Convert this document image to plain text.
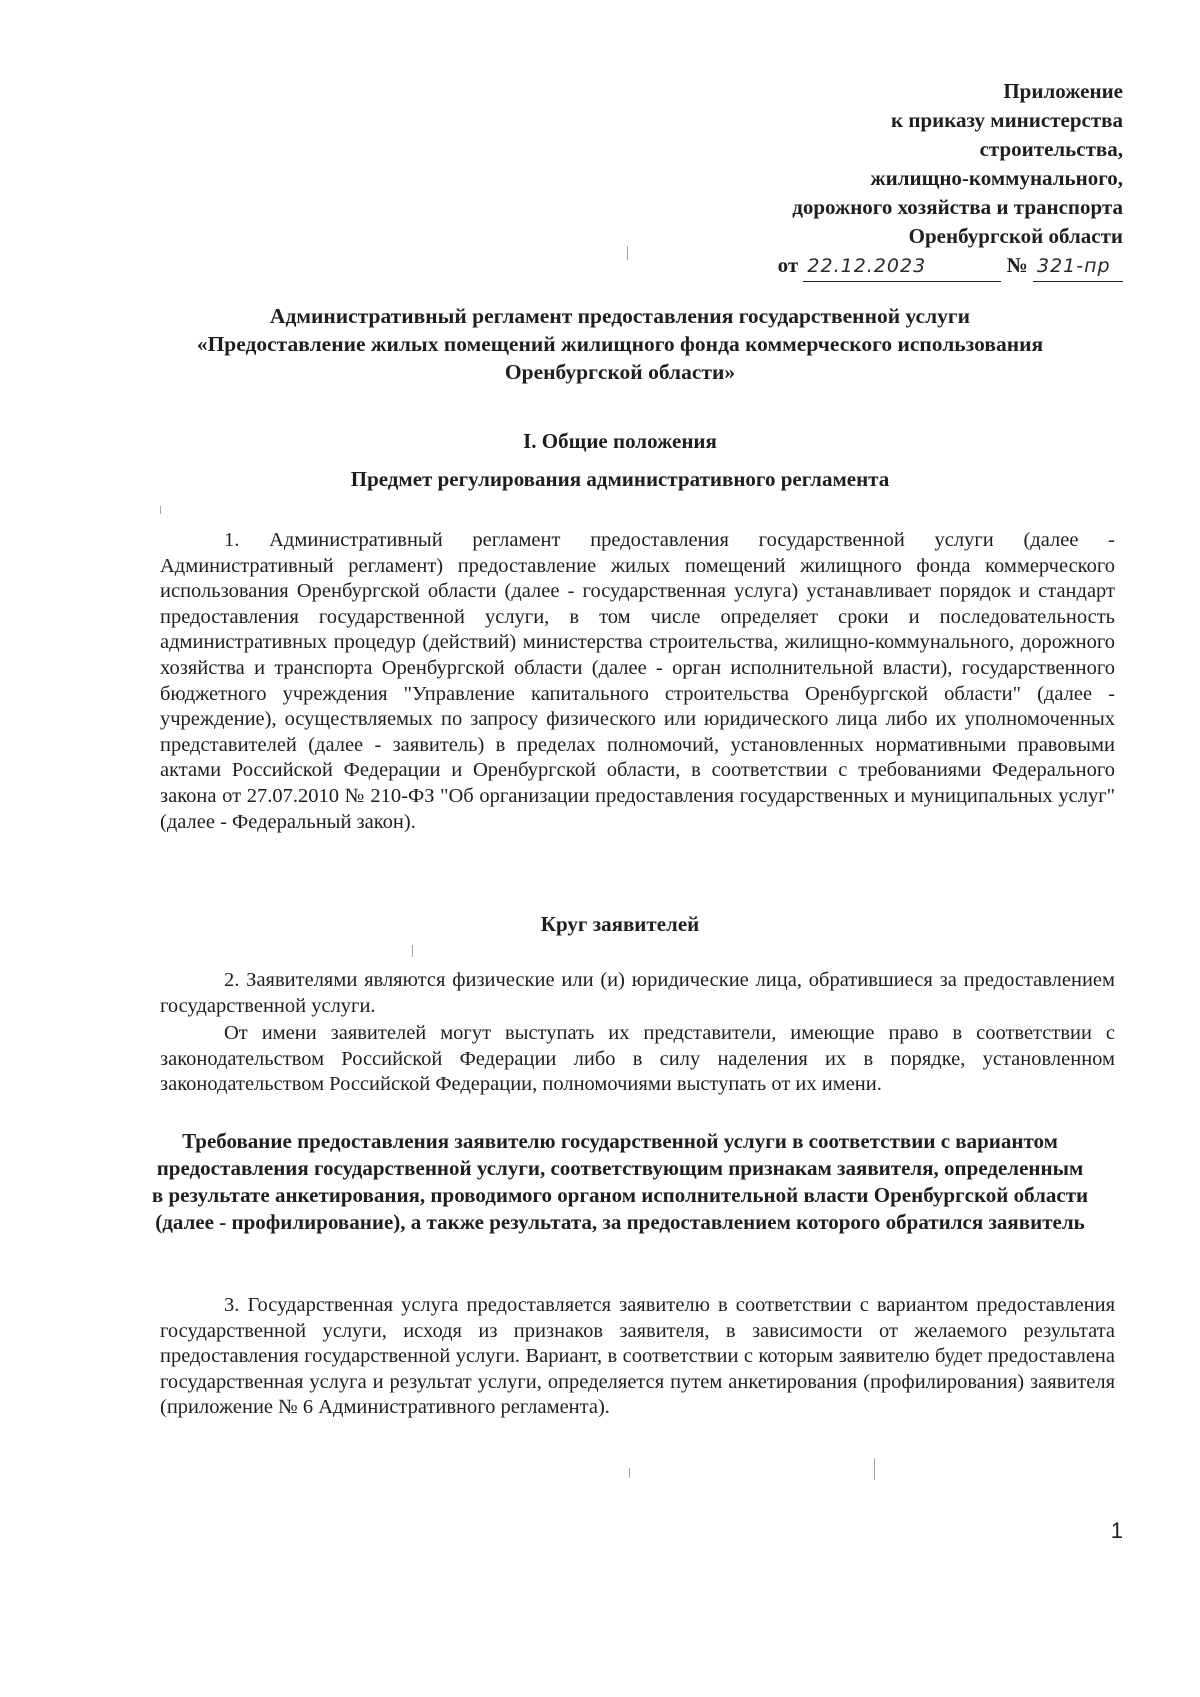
Приложение
к приказу министерства
строительства,
жилищно-коммунального,
дорожного хозяйства и транспорта
Оренбургской области
от 22.12.2023	№ 321-пр
Административный регламент предоставления государственной услуги
«Предоставление жилых помещений жилищного фонда коммерческого использования
Оренбургской области»
I. Общие положения
Предмет регулирования административного регламента
1. Административный регламент предоставления государственной услуги (далее - Административный регламент) предоставление жилых помещений жилищного фонда коммерческого использования Оренбургской области (далее - государственная услуга) устанавливает порядок и стандарт предоставления государственной услуги, в том числе определяет сроки и последовательность административных процедур (действий) министерства строительства, жилищно-коммунального, дорожного хозяйства и транспорта Оренбургской области (далее - орган исполнительной власти), государственного бюджетного учреждения "Управление капитального строительства Оренбургской области" (далее - учреждение), осуществляемых по запросу физического или юридического лица либо их уполномоченных представителей (далее - заявитель) в пределах полномочий, установленных нормативными правовыми актами Российской Федерации и Оренбургской области, в соответствии с требованиями Федерального закона от 27.07.2010 № 210-ФЗ "Об организации предоставления государственных и муниципальных услуг" (далее - Федеральный закон).
Круг заявителей
2. Заявителями являются физические или (и) юридические лица, обратившиеся за предоставлением государственной услуги.
От имени заявителей могут выступать их представители, имеющие право в соответствии с законодательством Российской Федерации либо в силу наделения их в порядке, установленном законодательством Российской Федерации, полномочиями выступать от их имени.
Требование предоставления заявителю государственной услуги в соответствии с вариантом предоставления государственной услуги, соответствующим признакам заявителя, определенным в результате анкетирования, проводимого органом исполнительной власти Оренбургской области (далее - профилирование), а также результата, за предоставлением которого обратился заявитель
3. Государственная услуга предоставляется заявителю в соответствии с вариантом предоставления государственной услуги, исходя из признаков заявителя, в зависимости от желаемого результата предоставления государственной услуги. Вариант, в соответствии с которым заявителю будет предоставлена государственная услуга и результат услуги, определяется путем анкетирования (профилирования) заявителя (приложение № 6 Административного регламента).
1
